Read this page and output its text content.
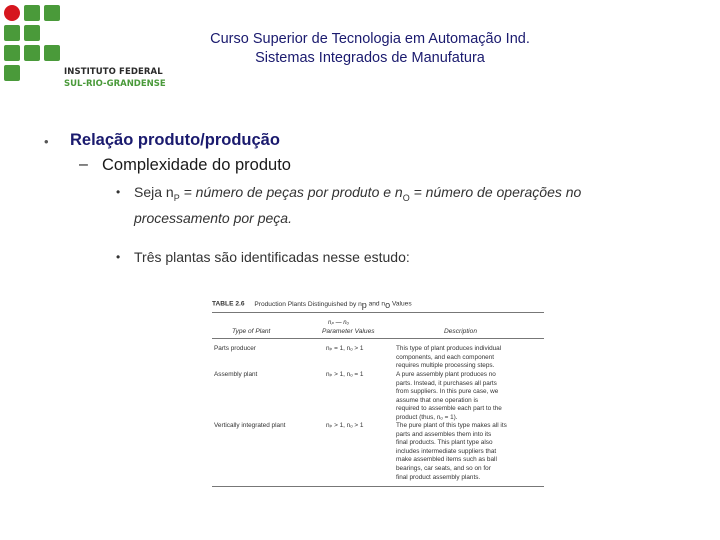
INSTITUTO FEDERAL
SUL-RIO-GRANDENSE
Curso Superior de Tecnologia em Automação Ind.
Sistemas Integrados de Manufatura
• Relação produto/produção
– Complexidade do produto
• Seja $n_P$ = número de peças por produto e $n_O$ = número de operações no
processamento por peça.
• Três plantas são identificadas nesse estudo:
TABLE 2.6 Production Plants Distinguished by $n_p$ and $n_o$ Values
nₚ — nₒ
Type of Plant	Parameter Values	Description
Parts producer	nₚ = 1, nₒ > 1	This type of plant produces individual
components, and each component
requires multiple processing steps.
Assembly plant	nₚ > 1, nₒ = 1	A pure assembly plant produces no
parts. Instead, it purchases all parts
from suppliers. In this pure case, we
assume that one operation is
required to assemble each part to the
product (thus, nₒ = 1).
Vertically integrated plant	nₚ > 1, nₒ > 1	The pure plant of this type makes all its
parts and assembles them into its
final products. This plant type also
includes intermediate suppliers that
make assembled items such as ball
bearings, car seats, and so on for
final product assembly plants.
